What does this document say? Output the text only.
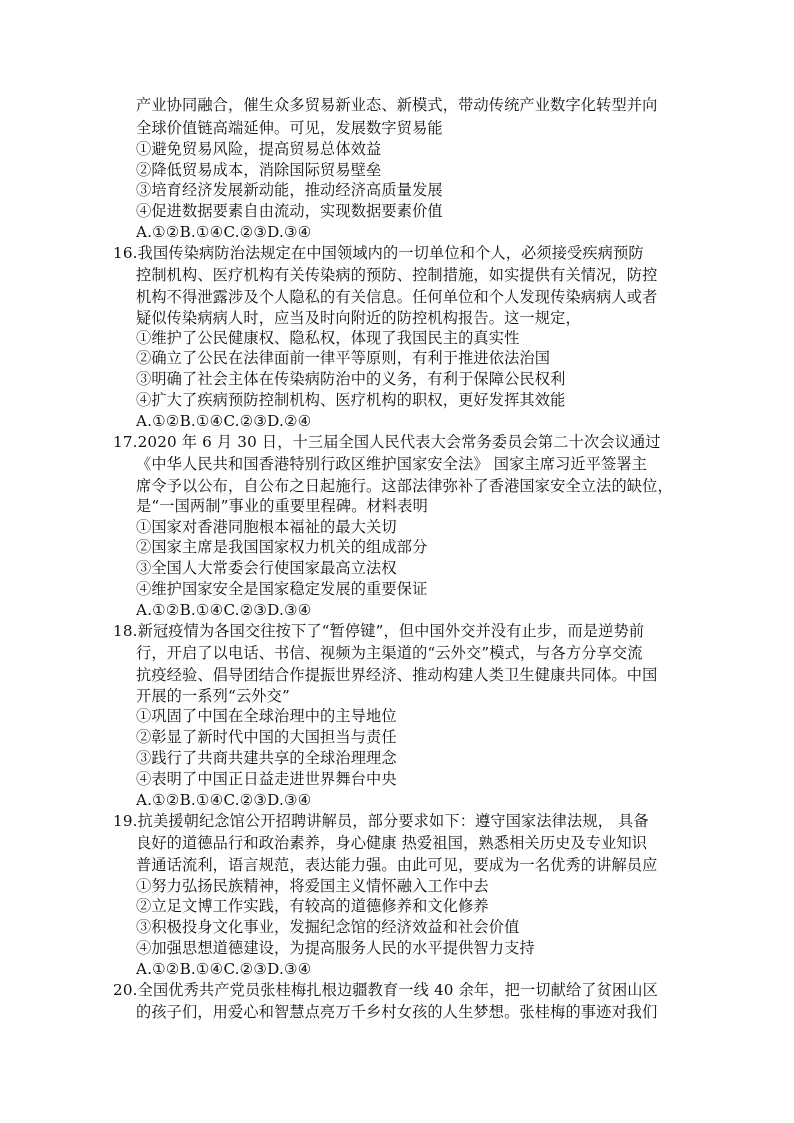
产业协同融合，催生众多贸易新业态、新模式，带动传统产业数字化转型并向
全球价值链高端延伸。可见，发展数字贸易能
①避免贸易风险，提高贸易总体效益
②降低贸易成本，消除国际贸易壁垒
③培育经济发展新动能，推动经济高质量发展
④促进数据要素自由流动，实现数据要素价值
A.①②B.①④C.②③D.③④
16.我国传染病防治法规定在中国领域内的一切单位和个人，必须接受疾病预防
控制机构、医疗机构有关传染病的预防、控制措施，如实提供有关情况，防控
机构不得泄露涉及个人隐私的有关信息。任何单位和个人发现传染病病人或者
疑似传染病病人时，应当及时向附近的防控机构报告。这一规定，
①维护了公民健康权、隐私权，体现了我国民主的真实性
②确立了公民在法律面前一律平等原则，有利于推进依法治国
③明确了社会主体在传染病防治中的义务，有利于保障公民权利
④扩大了疾病预防控制机构、医疗机构的职权，更好发挥其效能
A.①②B.①④C.②③D.②④
17.2020 年 6 月 30 日，十三届全国人民代表大会常务委员会第二十次会议通过
《中华人民共和国香港特别行政区维护国家安全法》 国家主席习近平签署主
席令予以公布，自公布之日起施行。这部法律弥补了香港国家安全立法的缺位，
是“一国两制”事业的重要里程碑。材料表明
①国家对香港同胞根本福祉的最大关切
②国家主席是我国国家权力机关的组成部分
③全国人大常委会行使国家最高立法权
④维护国家安全是国家稳定发展的重要保证
A.①②B.①④C.②③D.③④
18.新冠疫情为各国交往按下了“暂停键”，但中国外交并没有止步，而是逆势前
行，开启了以电话、书信、视频为主渠道的“云外交”模式，与各方分享交流
抗疫经验、倡导团结合作提振世界经济、推动构建人类卫生健康共同体。中国
开展的一系列“云外交”
①巩固了中国在全球治理中的主导地位
②彰显了新时代中国的大国担当与责任
③践行了共商共建共享的全球治理理念
④表明了中国正日益走进世界舞台中央
A.①②B.①④C.②③D.③④
19.抗美援朝纪念馆公开招聘讲解员，部分要求如下：遵守国家法律法规， 具备
良好的道德品行和政治素养，身心健康 热爱祖国，熟悉相关历史及专业知识
普通话流利，语言规范，表达能力强。由此可见，要成为一名优秀的讲解员应
①努力弘扬民族精神，将爱国主义情怀融入工作中去
②立足文博工作实践，有较高的道德修养和文化修养
③积极投身文化事业，发掘纪念馆的经济效益和社会价值
④加强思想道德建设，为提高服务人民的水平提供智力支持
A.①②B.①④C.②③D.③④
20.全国优秀共产党员张桂梅扎根边疆教育一线 40 余年，把一切献给了贫困山区
的孩子们，用爱心和智慧点亮万千乡村女孩的人生梦想。张桂梅的事迹对我们
